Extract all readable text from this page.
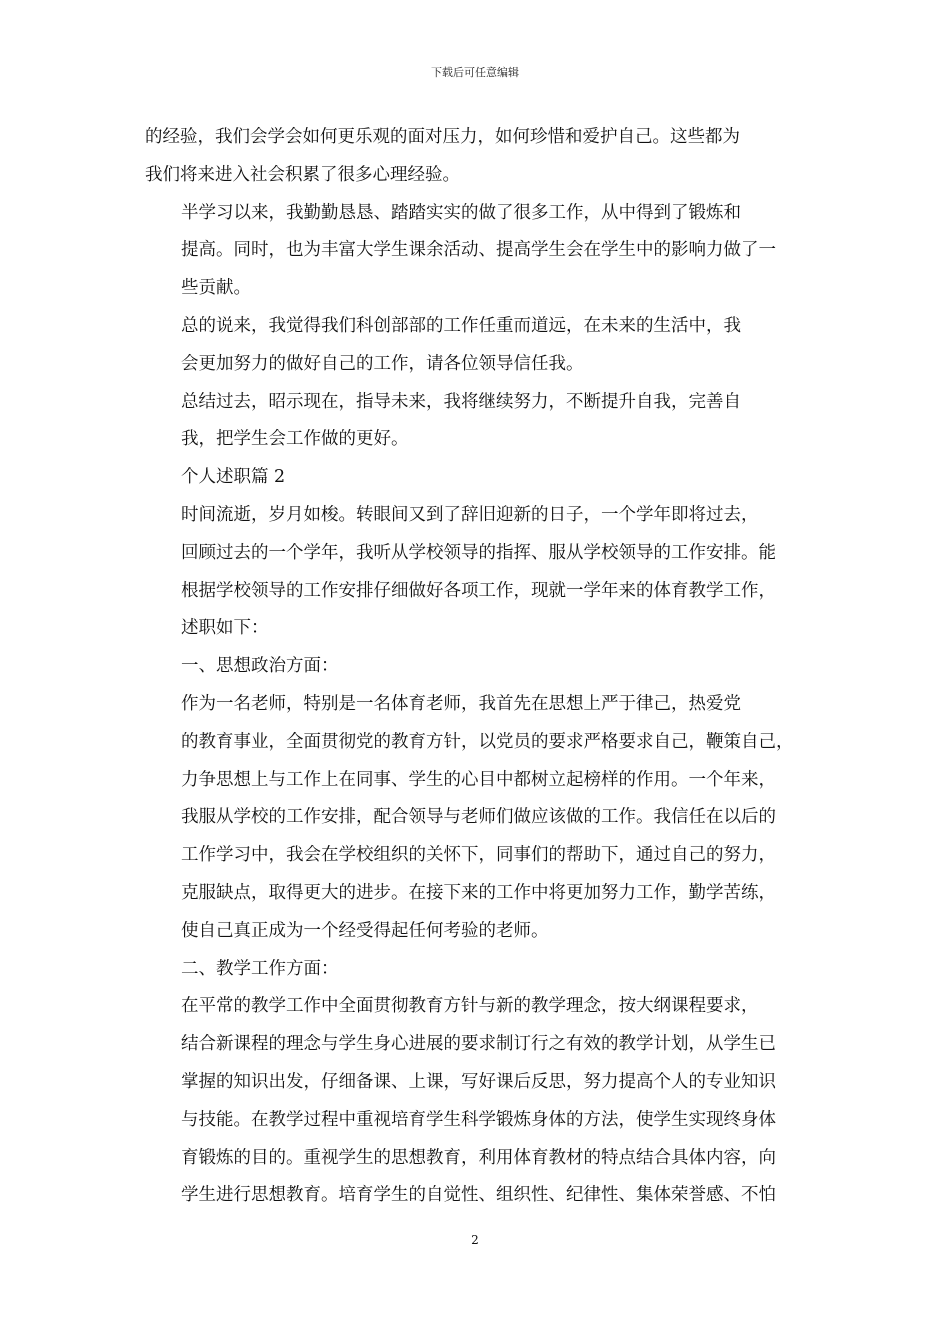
下载后可任意编辑

的经验，我们会学会如何更乐观的面对压力，如何珍惜和爱护自己。这些都为
我们将来进入社会积累了很多心理经验。

半学习以来，我勤勤恳恳、踏踏实实的做了很多工作，从中得到了锻炼和
提高。同时，也为丰富大学生课余活动、提高学生会在学生中的影响力做了一
些贡献。

总的说来，我觉得我们科创部部的工作任重而道远，在未来的生活中，我
会更加努力的做好自己的工作，请各位领导信任我。

总结过去，昭示现在，指导未来，我将继续努力，不断提升自我，完善自
我，把学生会工作做的更好。

个人述职篇 2

时间流逝，岁月如梭。转眼间又到了辞旧迎新的日子，一个学年即将过去，
回顾过去的一个学年，我听从学校领导的指挥、服从学校领导的工作安排。能
根据学校领导的工作安排仔细做好各项工作，现就一学年来的体育教学工作，
述职如下：

一、思想政治方面：

作为一名老师，特别是一名体育老师，我首先在思想上严于律己，热爱党
的教育事业，全面贯彻党的教育方针，以党员的要求严格要求自己，鞭策自己，
力争思想上与工作上在同事、学生的心目中都树立起榜样的作用。一个年来，
我服从学校的工作安排，配合领导与老师们做应该做的工作。我信任在以后的
工作学习中，我会在学校组织的关怀下，同事们的帮助下，通过自己的努力，
克服缺点，取得更大的进步。在接下来的工作中将更加努力工作，勤学苦练，
使自己真正成为一个经受得起任何考验的老师。

二、教学工作方面：

在平常的教学工作中全面贯彻教育方针与新的教学理念，按大纲课程要求，
结合新课程的理念与学生身心进展的要求制订行之有效的教学计划，从学生已
掌握的知识出发，仔细备课、上课，写好课后反思，努力提高个人的专业知识
与技能。在教学过程中重视培育学生科学锻炼身体的方法，使学生实现终身体
育锻炼的目的。重视学生的思想教育，利用体育教材的特点结合具体内容，向
学生进行思想教育。培育学生的自觉性、组织性、纪律性、集体荣誉感、不怕

2
